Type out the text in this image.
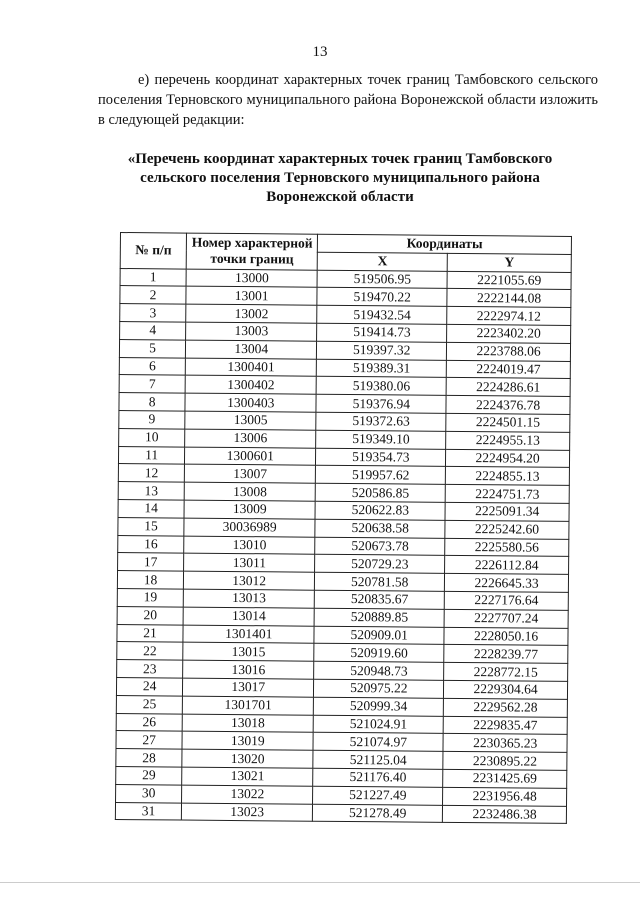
13
е) перечень координат характерных точек границ Тамбовского сельского поселения Терновского муниципального района Воронежской области изложить в следующей редакции:
«Перечень координат характерных точек границ Тамбовского сельского поселения Терновского муниципального района Воронежской области
№ п/п	Номер характерной точки границ	Координаты	
		X	Y
1	13000	519506.95	2221055.69
2	13001	519470.22	2222144.08
3	13002	519432.54	2222974.12
4	13003	519414.73	2223402.20
5	13004	519397.32	2223788.06
6	1300401	519389.31	2224019.47
7	1300402	519380.06	2224286.61
8	1300403	519376.94	2224376.78
9	13005	519372.63	2224501.15
10	13006	519349.10	2224955.13
11	1300601	519354.73	2224954.20
12	13007	519957.62	2224855.13
13	13008	520586.85	2224751.73
14	13009	520622.83	2225091.34
15	30036989	520638.58	2225242.60
16	13010	520673.78	2225580.56
17	13011	520729.23	2226112.84
18	13012	520781.58	2226645.33
19	13013	520835.67	2227176.64
20	13014	520889.85	2227707.24
21	1301401	520909.01	2228050.16
22	13015	520919.60	2228239.77
23	13016	520948.73	2228772.15
24	13017	520975.22	2229304.64
25	1301701	520999.34	2229562.28
26	13018	521024.91	2229835.47
27	13019	521074.97	2230365.23
28	13020	521125.04	2230895.22
29	13021	521176.40	2231425.69
30	13022	521227.49	2231956.48
31	13023	521278.49	2232486.38
